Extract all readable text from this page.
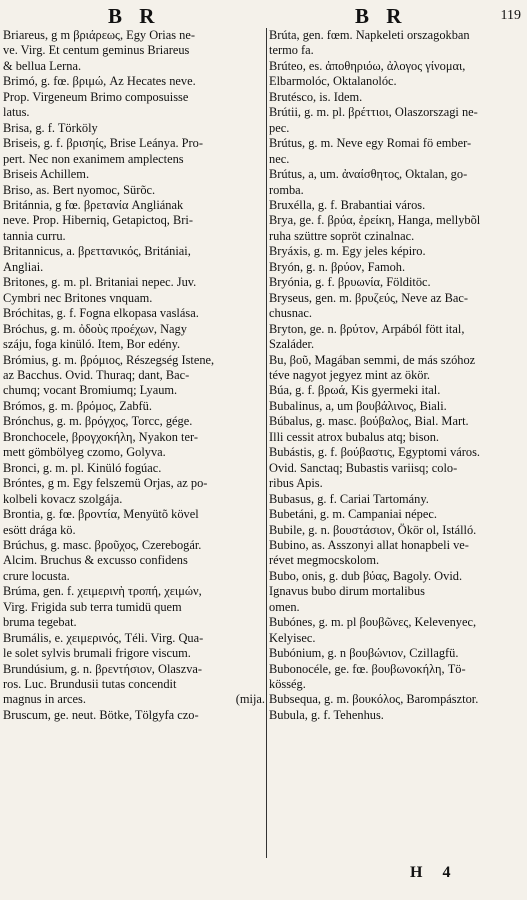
B R	B R	119
Briareus, g m βριάρεως, Egy Orias ne-
ve. Virg. Et centum geminus Briareus
& bellua Lerna.
Brimó, g. fœ. βριμώ, Az Hecates neve.
Prop. Virgeneum Brimo composuisse
latus.
Brisa, g. f. Törköly
Briseis, g. f. βρισηίς, Brise Leánya. Pro-
pert. Nec non exanimem amplectens
Briseis Achillem.
Briso, as. Bert nyomoc, Sürõc.
Británnia, g fœ. βρετανία Angliának
neve. Prop. Hiberniq, Getapictoq, Bri-
tannia curru.
Britannicus, a. βρεττανικός, Britániai,
Angliai.
Britones, g. m. pl. Britaniai nepec. Juv.
Cymbri nec Britones vnquam.
Bróchitas, g. f. Fogna elkopasa vaslása.
Bróchus, g. m. ὀδοὺς προέχων, Nagy
száju, foga kinüló. Item, Bor edény.
Brómius, g. m. βρόμιος, Részegség Istene,
az Bacchus. Ovid. Thuraq; dant, Bac-
chumq; vocant Bromiumq; Lyaum.
Brómos, g. m. βρόμος, Zabfü.
Brónchus, g. m. βρόγχος, Torcc, gége.
Bronchocele, βρογχοκήλη, Nyakon ter-
mett gömbölyeg czomo, Golyva.
Bronci, g. m. pl. Kinüló fogúac.
Bróntes, g m. Egy felszemü Orjas, az po-
kolbeli kovacz szolgája.
Brontia, g. fœ. βροντία, Menyütõ kövel
esött drága kö.
Brúchus, g. masc. βροῦχος, Czerebogár.
Alcim. Bruchus & excusso confidens
crure locusta.
Brúma, gen. f. χειμερινὴ τροπή, χειμών,
Virg. Frigida sub terra tumidü quem
bruma tegebat.
Brumális, e. χειμερινός, Téli. Virg. Qua-
le solet sylvis brumali frigore viscum.
Brundúsium, g. n. βρεντήσιον, Olaszva-
ros. Luc. Brundusii tutas concendit
(mija.
magnus in arces.
Bruscum, ge. neut. Bötke, Tölgyfa czo-
Brúta, gen. fœm. Napkeleti orszagokban
termo fa.
Brúteo, es. ἀποθηριόω, ἀλογος γίνομαι,
Elbarmolóc, Oktalanolóc.
Brutésco, is. Idem.
Brútii, g. m. pl. βρέττιοι, Olaszorszagi ne-
pec.
Brútus, g. m. Neve egy Romai fö ember-
nec.
Brútus, a, um. ἀναίσθητος, Oktalan, go-
romba.
Bruxélla, g. f. Brabantiai város.
Brya, ge. f. βρύα, ἐρείκη, Hanga, mellybõl
ruha szüttre sopröt czinalnac.
Bryáxis, g. m. Egy jeles képiro.
Bryón, g. n. βρύον, Famoh.
Bryónia, g. f. βρυωνία, Földitöc.
Bryseus, gen. m. βρυζεύς, Neve az Bac-
chusnac.
Bryton, ge. n. βρύτον, Arpából fött ital,
Szaláder.
Bu, βοῦ, Magában semmi, de más szóhoz
téve nagyot jegyez mint az ökör.
Búa, g. f. βρωά, Kis gyermeki ital.
Bubalinus, a, um βουβάλινος, Biali.
Búbalus, g. masc. βούβαλος, Bial. Mart.
Illi cessit atrox bubalus atq; bison.
Bubástis, g. f. βούβαστις, Egyptomi város.
Ovid. Sanctaq; Bubastis variisq; colo-
ribus Apis.
Bubasus, g. f. Cariai Tartomány.
Bubetáni, g. m. Campaniai népec.
Bubile, g. n. βουστάσιον, Ökör ol, Istálló.
Bubino, as. Asszonyi allat honapbeli ve-
révet megmocskolom.
Bubo, onis, g. dub βύας, Bagoly. Ovid.
Ignavus bubo dirum mortalibus
omen.
Bubónes, g. m. pl βουβῶνες, Kelevenyec,
Kelyisec.
Bubónium, g. n βουβώνιον, Czillagfü.
Bubonocéle, ge. fœ. βουβωνοκήλη, Tö-
kösség.
Bubsequa, g. m. βουκόλος, Barompásztor.
Bubula, g. f. Tehenhus.
H 4
